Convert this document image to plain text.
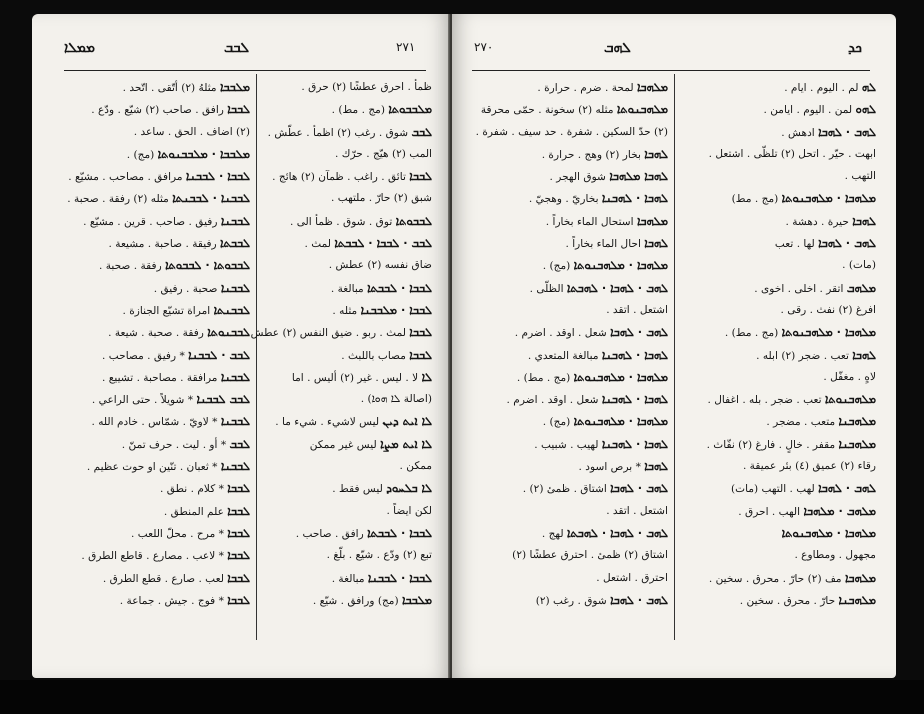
ܡܡܠܐ	ܠܒܒ	٢٧١
ܡܠܒܒܐ مثلهُ (٢) أتّقى . اتّحد .
ܠܒܒܐ رافق . صاحب (٢) شيّع . ودّع .
(٢) اضاف . الحق . ساعد .
ܡܠܒܒܐ · ܡܠܒܒܢܘܬܐ (مج) .
ܠܒܒܐ · ܠܒܒܢܐ مرافق . مصاحب . مشيّع .
ܠܒܒܢܐ · ܠܒܒܢܬܐ مثله (٢) رفقة . صحبة .
ܠܒܒܢܐ رفيق . صاحب . قرين . مشيّع .
ܠܒܒܬܐ رفيقة . صاحبة . مشيعة .
ܠܒܒܘܬܐ · ܠܒܒܘܬܐ رفقة . صحبة .
ܠܒܒܢܐ صحبة . رفيق .
ܠܒܒܢܬܐ امراة تشيّع الجنازة .
ܠܒܒܢܘܬܐ رفقة . صحبة . شيعة .
ܠܒܒ · ܠܒܒܢܐ * رفيق . مصاحب .
ܠܒܒܢܐ مرافقة . مصاحبة . تشييع .
ܠܒܒ ܠܒܒܢܐ * شويلاً . حتى الراعي .
ܠܒܒܢܐ * لاويّ . شمّاس . خادم الله .
ܠܒܒ * أو . ليت . حرف تمنّ .
ܠܒܒܢܐ * ثعبان . تنّين او حوت عظيم .
ܠܒܒܐ * كلام . نطق .
ܠܒܒܐ علم المنطق .
ܠܒܒܐ * مرح . محلّ اللعب .
ܠܒܒܐ * لاعب . مصارع . قاطع الطرق .
ܠܒܒܐ لعب . صارع . قطع الطرق .
ܠܒܒܐ * فوج . جيش . جماعة .
ظمأ . احرق عطشًا (٢) حرق .
ܡܠܒܒܘܬܐ (مج . مط) .
ܠܒܒ شوق . رغب (٢) اظمأ . عطّش .
المب (٢) هيّج . حرّك .
ܠܒܒܐ تائق . راغب . ظمآن (٢) هائج .
شبق (٢) حارّ . ملتهب .
ܠܒܒܘܬܐ توق . شوق . ظمأ الى .
ܠܒܒ · ܠܒܒܐ · ܠܒܒܬܐ لمث .
ضاق نفسه (٢) عطش .
ܠܒܒܐ · ܠܒܒܬܐ مبالغة .
ܠܒܒܐ · ܡܠܒܒܢܐ مثله .
ܠܒܒܐ لمث . ربو . ضيق النفس (٢) عطش .
ܠܒܒܐ مصاب باللبث .
ܠܐ لا . ليس . غير (٢) أليس . اما
(اصالة ܠܐ ܗܘܐ) .
ܠܐ ܐܝܬ ܕܝܢ ليس لاشيء . شيء ما .
ܠܐ ܐܝܬ ܡܨܐ ليس غير ممكن
ممكن .
ܠܐ ܒܠܚܘܕ ليس فقط .
لكن ايضاً .
ܠܒܒܐ · ܠܒܒܬܐ رافق . صاحب .
تبع (٢) ودّع . شيّع . بلّغ .
ܠܒܒܐ · ܠܒܒܢܐ مبالغة .
ܡܠܒܒܐ (مج) ورافق . شيّع .
٢٧٠	ܠܗܒ	ܟܕ
ܡܠܗܒܐ لمحة . ضرم . حرارة .
ܡܠܗܒܢܘܬܐ مثله (٢) سخونة . حمّى محرقة
(٢) حدّ السكين . شفرة . حد سيف . شفرة .
ܠܗܒܐ بخار (٢) وهج . حرارة .
ܠܗܒܐ ܡܠܗܒܐ شوق الهجر .
ܠܗܒܐ · ܠܗܒܢܐ بخاريّ . وهجيّ .
ܡܠܗܒܐ استحال الماء بخاراً .
ܠܗܒܐ احال الماء بخاراً .
ܡܠܗܒܐ · ܡܠܗܒܢܘܬܐ (مج) .
ܠܗܒ · ܠܗܒܐ · ܠܗܒܬܐ الظلّى .
اشتعل . اتقد .
ܠܗܒ · ܠܗܒܐ شعل . اوقد . اضرم .
ܠܗܒܐ · ܠܗܒܢܐ مبالغة المتعدي .
ܡܠܗܒܐ · ܡܠܗܒܢܘܬܐ (مج . مط) .
ܠܗܒܐ · ܠܗܒܢܐ شعل . اوقد . اضرم .
ܡܠܗܒܐ · ܡܠܗܒܢܘܬܐ (مج) .
ܠܗܒܐ · ܠܗܒܢܐ لهيب . شبيب .
ܠܗܒܐ * برص اسود .
ܠܗܒ · ܠܗܒܐ اشتاق . ظمئ (٢) .
اشتعل . اتقد .
ܠܗܒ · ܠܗܒܐ · ܠܗܒܬܐ لهج .
اشتاق (٢) ظمئ . احترق عطشًا (٢)
احترق . اشتعل .
ܠܗܒ · ܠܗܒܐ شوق . رغب (٢)
ܠܗ لم . اليوم . ايام .
ܠܗܘ لمن . اليوم . ايامن .
ܠܗܒ · ܠܗܒܐ ادهش .
ابهت . حيّر . اتحل (٢) تلظّى . اشتعل .
التهب .
ܡܠܗܒܐ · ܡܠܗܒܢܘܬܐ (مج . مط)
ܠܗܒܐ حيرة . دهشة .
ܠܗܒ · ܠܗܒܐ لها . تعب
(مات) .
ܡܠܗܒ اتقر . اخلى . اخوى .
افرغ (٢) نفث . رقى .
ܡܠܗܒܐ · ܡܠܗܒܢܘܬܐ (مج . مط) .
ܠܗܒܐ تعب . ضجر (٢) ابله .
لاهٍ . مغفّل .
ܡܠܗܒܢܘܬܐ تعب . ضجر . بله . اغفال .
ܡܠܗܒܢܐ متعب . مضجر .
ܡܠܗܒܢܐ مقفر . خالٍ . فارغ (٢) نفّاث .
رقاء (٢) عميق (٤) بئر عميقة .
ܠܗܒ · ܠܗܒܐ لهب . التهب (مات)
ܡܠܗܒ · ܡܠܗܒܐ الهب . احرق .
ܡܠܗܒܐ · ܡܠܗܒܢܘܬܐ
مجهول . ومطاوع .
ܡܠܗܒܐ مف (٢) حارّ . محرق . سخين .
ܡܠܗܒܢܐ حارّ . محرق . سخين .
